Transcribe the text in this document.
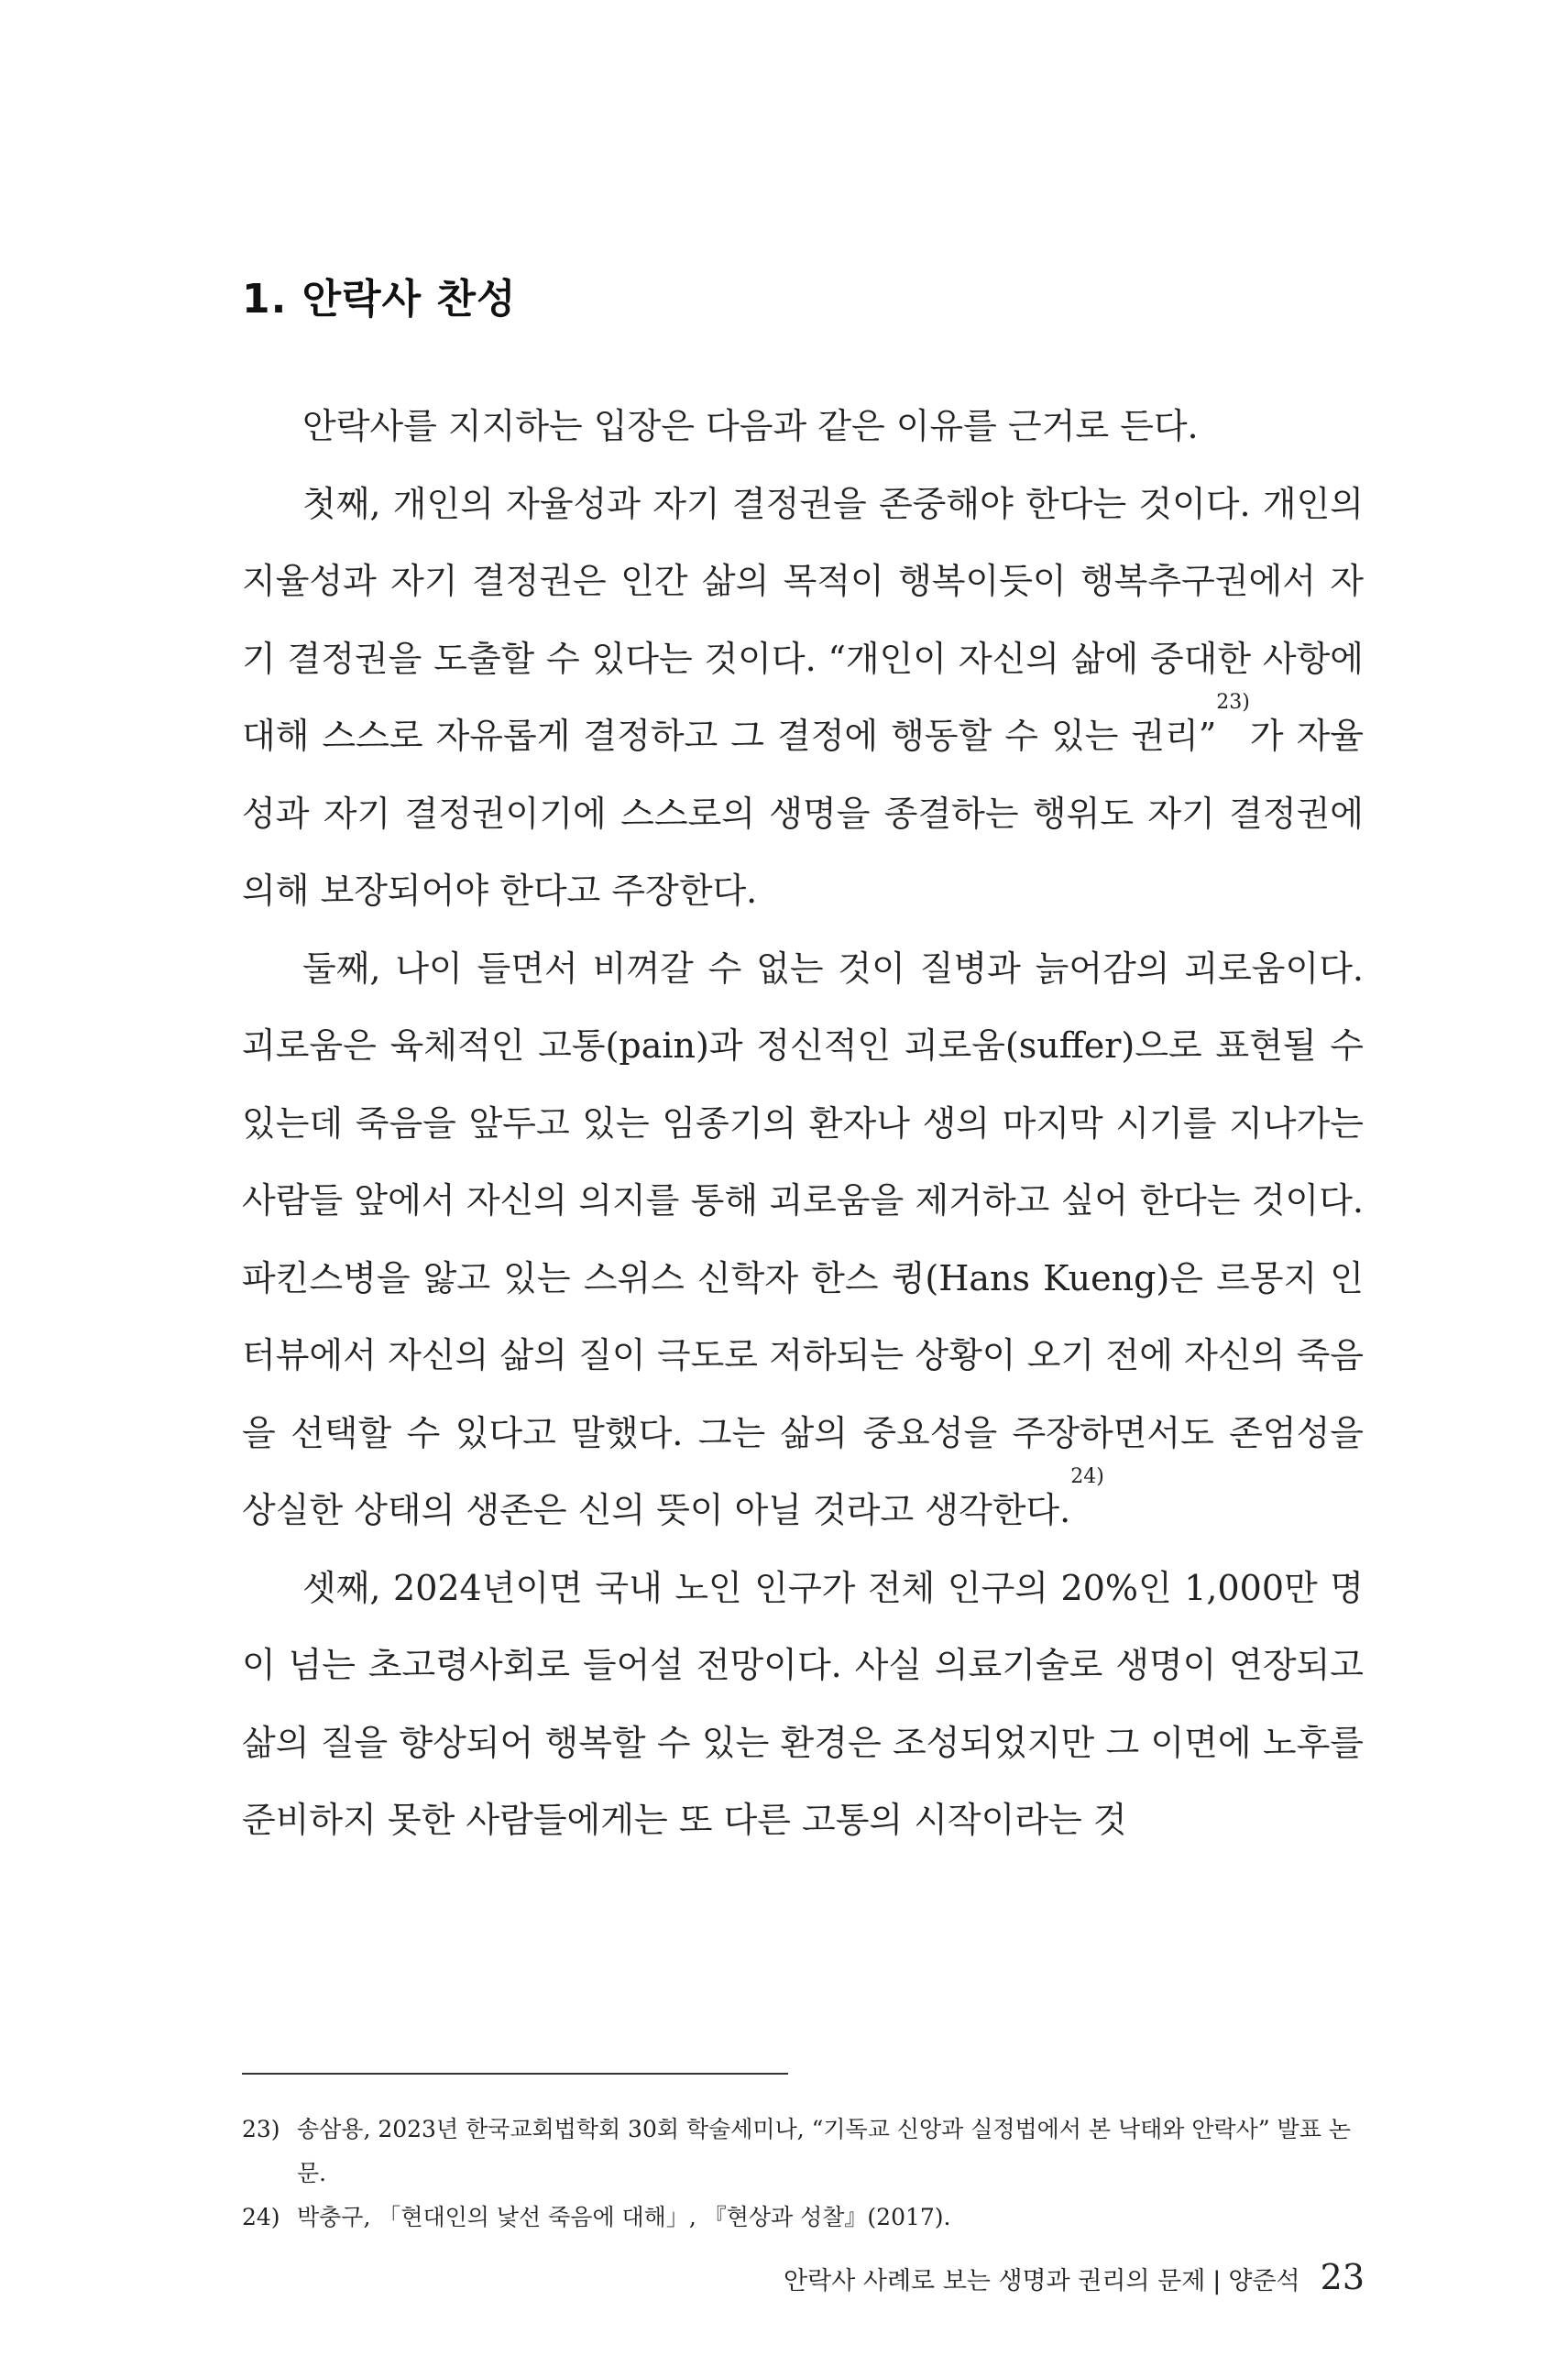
1. 안락사 찬성

안락사를 지지하는 입장은 다음과 같은 이유를 근거로 든다.

첫째, 개인의 자율성과 자기 결정권을 존중해야 한다는 것이다. 개인의 지율성과 자기 결정권은 인간 삶의 목적이 행복이듯이 행복추구권에서 자기 결정권을 도출할 수 있다는 것이다. “개인이 자신의 삶에 중대한 사항에 대해 스스로 자유롭게 결정하고 그 결정에 행동할 수 있는 권리”$^{23)}$가 자율성과 자기 결정권이기에 스스로의 생명을 종결하는 행위도 자기 결정권에 의해 보장되어야 한다고 주장한다.

둘째, 나이 들면서 비껴갈 수 없는 것이 질병과 늙어감의 괴로움이다. 괴로움은 육체적인 고통(pain)과 정신적인 괴로움(suffer)으로 표현될 수 있는데 죽음을 앞두고 있는 임종기의 환자나 생의 마지막 시기를 지나가는 사람들 앞에서 자신의 의지를 통해 괴로움을 제거하고 싶어 한다는 것이다. 파킨스병을 앓고 있는 스위스 신학자 한스 큉(Hans Kueng)은 르몽지 인터뷰에서 자신의 삶의 질이 극도로 저하되는 상황이 오기 전에 자신의 죽음을 선택할 수 있다고 말했다. 그는 삶의 중요성을 주장하면서도 존엄성을 상실한 상태의 생존은 신의 뜻이 아닐 것라고 생각한다.$^{24)}$

셋째, 2024년이면 국내 노인 인구가 전체 인구의 20%인 1,000만 명이 넘는 초고령사회로 들어설 전망이다. 사실 의료기술로 생명이 연장되고 삶의 질을 향상되어 행복할 수 있는 환경은 조성되었지만 그 이면에 노후를 준비하지 못한 사람들에게는 또 다른 고통의 시작이라는 것

23) 송삼용, 2023년 한국교회법학회 30회 학술세미나, “기독교 신앙과 실정법에서 본 낙태와 안락사” 발표 논문.
24) 박충구, 「현대인의 낯선 죽음에 대해」, 『현상과 성찰』(2017).
안락사 사례로 보는 생명과 권리의 문제 | 양준석 23
